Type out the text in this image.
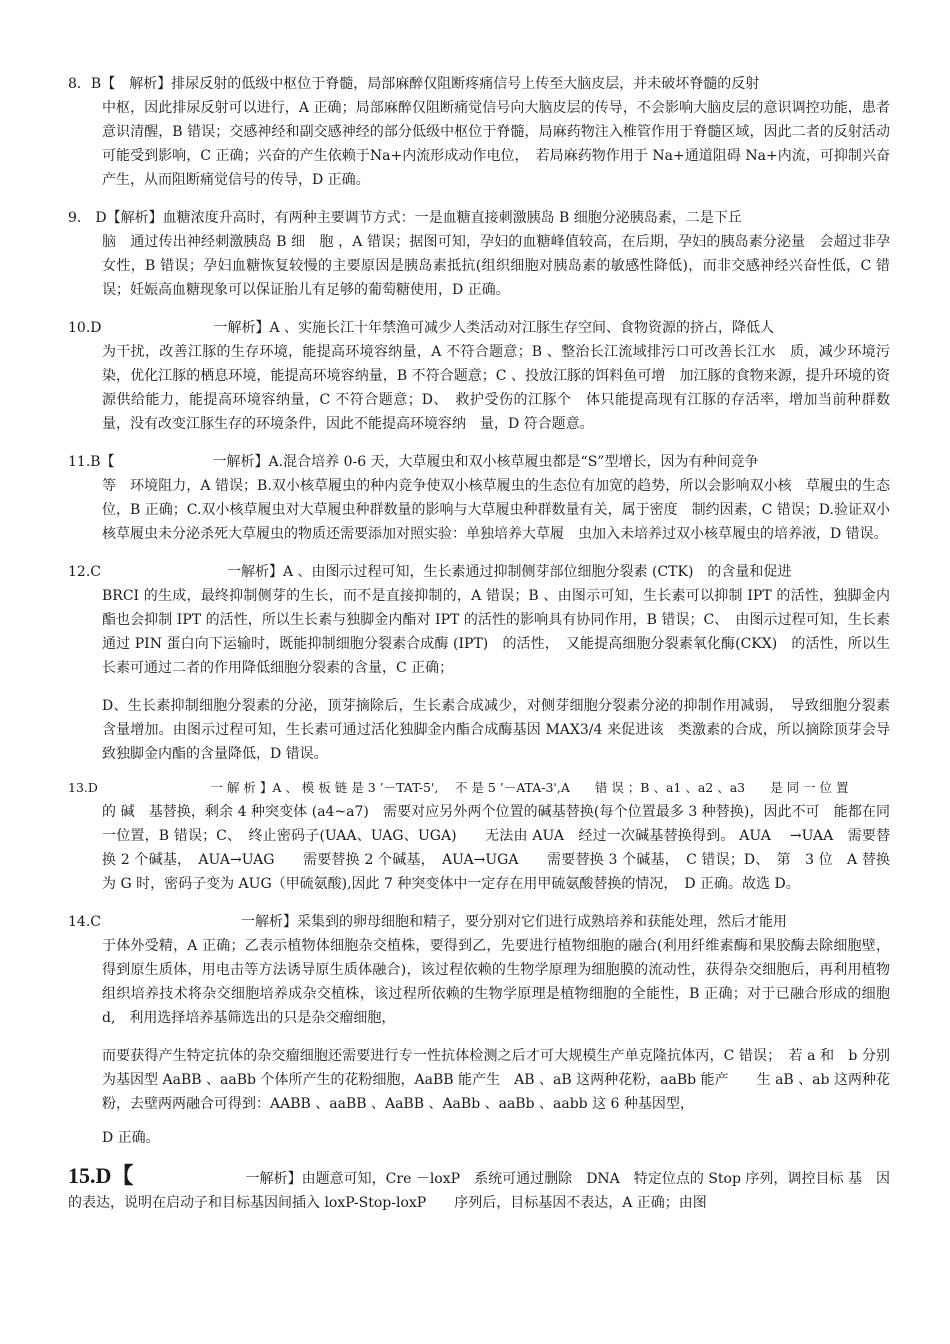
8．B【　解析】排尿反射的低级中枢位于脊髓，局部麻醉仅阻断疼痛信号上传至大脑皮层，并未破坏脊髓的反射
中枢，因此排尿反射可以进行，A 正确；局部麻醉仅阻断痛觉信号向大脑皮层的传导，不会影响大脑皮层的意识调控功能，患者意识清醒，B 错误；交感神经和副交感神经的部分低级中枢位于脊髓，局麻药物注入椎管作用于脊髓区域，因此二者的反射活动可能受到影响，C 正确；兴奋的产生依赖于Na+内流形成动作电位，　若局麻药物作用于 Na+通道阻碍 Na+内流，可抑制兴奋产生，从而阻断痛觉信号的传导，D 正确。
9.　D【解析】血糖浓度升高时，有两种主要调节方式：一是血糖直接刺激胰岛 B 细胞分泌胰岛素，二是下丘
脑　通过传出神经刺激胰岛 B 细　胞 ，A 错误；据图可知，孕妇的血糖峰值较高，在后期，孕妇的胰岛素分泌量　会超过非孕女性，B 错误；孕妇血糖恢复较慢的主要原因是胰岛素抵抗(组织细胞对胰岛素的敏感性降低)，而非交感神经兴奋性低，C 错误；妊娠高血糖现象可以保证胎儿有足够的葡萄糖使用，D 正确。
10.D　　　　　　　　一解析】A 、实施长江十年禁渔可减少人类活动对江豚生存空间、食物资源的挤占，降低人
为干扰，改善江豚的生存环境，能提高环境容纳量，A 不符合题意；B 、整治长江流域排污口可改善长江水　质，减少环境污染，优化江豚的栖息环境，能提高环境容纳量，B 不符合题意；C 、投放江豚的饵料鱼可增　加江豚的食物来源，提升环境的资源供给能力，能提高环境容纳量，C 不符合题意；D、　救护受伤的江豚个　体只能提高现有江豚的存活率，增加当前种群数量，没有改变江豚生存的环境条件，因此不能提高环境容纳　量，D 符合题意。
11.B【　　　　　　　一解析】A.混合培养 0-6 天，大草履虫和双小核草履虫都是“S”型增长，因为有种间竞争
等　环境阻力，A 错误；B.双小核草履虫的种内竞争使双小核草履虫的生态位有加宽的趋势，所以会影响双小核　草履虫的生态位，B 正确；C.双小核草履虫对大草履虫种群数量的影响与大草履虫种群数量有关，属于密度　制约因素，C 错误；D.验证双小核草履虫未分泌杀死大草履虫的物质还需要添加对照实验：单独培养大草履　虫加入未培养过双小核草履虫的培养液，D 错误。
12.C　　　　　　　　　一解析】A 、由图示过程可知，生长素通过抑制侧芽部位细胞分裂素 (CTK)　的含量和促进
BRCI 的生成，最终抑制侧芽的生长，而不是直接抑制的，A 错误；B 、由图示可知，生长素可以抑制 IPT 的活性，独脚金内酯也会抑制 IPT 的活性，所以生长素与独脚金内酯对 IPT 的活性的影响具有协同作用，B 错误；C、　由图示过程可知，生长素通过 PIN 蛋白向下运输时，既能抑制细胞分裂素合成酶 (IPT)　的活性，　又能提高细胞分裂素氧化酶(CKX)　的活性，所以生长素可通过二者的作用降低细胞分裂素的含量，C 正确；
D、生长素抑制细胞分裂素的分泌，顶芽摘除后，生长素合成减少，对侧芽细胞分裂素分泌的抑制作用减弱，　导致细胞分裂素含量增加。由图示过程可知，生长素可通过活化独脚金内酯合成酶基因 MAX3/4 来促进该　类激素的合成，所以摘除顶芽会导致独脚金内酯的含量降低，D 错误。
13.D　　　　　　　　　一 解 析 】A 、 模 板 链 是 3 ’－TAT-5',　 不 是 5 ’－ATA-3',A　　错 误 ；B 、a1 、a2 、a3　　是 同 一 位 置
的 碱　基替换，剩余 4 种突变体 (a4~a7)　需要对应另外两个位置的碱基替换(每个位置最多 3 种替换)，因此不可　能都在同一位置，B 错误；C、　终止密码子(UAA、UAG、UGA)　　无法由 AUA　经过一次碱基替换得到。 AUA　 →UAA　需要替换 2 个碱基，　AUA→UAG　　需要替换 2 个碱基，　AUA→UGA　　需要替换 3 个碱基，　C 错误；D、　第　3 位　A 替换为 G 时，密码子变为 AUG（甲硫氨酸),因此 7 种突变体中一定存在用甲硫氨酸替换的情况，　D 正确。故选 D。
14.C　　　　　　　　　　一解析】采集到的卵母细胞和精子，要分别对它们进行成熟培养和获能处理，然后才能用
于体外受精，A 正确；乙表示植物体细胞杂交植株，要得到乙，先要进行植物细胞的融合(利用纤维素酶和果胶酶去除细胞壁，得到原生质体，用电击等方法诱导原生质体融合)，该过程依赖的生物学原理为细胞膜的流动性，获得杂交细胞后，再利用植物组织培养技术将杂交细胞培养成杂交植株，该过程所依赖的生物学原理是植物细胞的全能性，B 正确；对于已融合形成的细胞　d,　利用选择培养基筛选出的只是杂交瘤细胞，
而要获得产生特定抗体的杂交瘤细胞还需要进行专一性抗体检测之后才可大规模生产单克隆抗体丙，C 错误；　若 a 和　b 分别为基因型 AaBB 、aaBb 个体所产生的花粉细胞，AaBB 能产生　AB 、aB 这两种花粉，aaBb 能产　　生 aB 、ab 这两种花粉，去壁两两融合可得到：AABB 、aaBB 、AaBB 、AaBb 、aaBb 、aabb 这 6 种基因型，
D 正确。
15.D【　　　　　　　　一解析】由题意可知，Cre －loxP　系统可通过删除　DNA　特定位点的 Stop 序列，调控目标 基　因的表达，说明在启动子和目标基因间插入 loxP-Stop-loxP　　序列后，目标基因不表达，A 正确；由图
